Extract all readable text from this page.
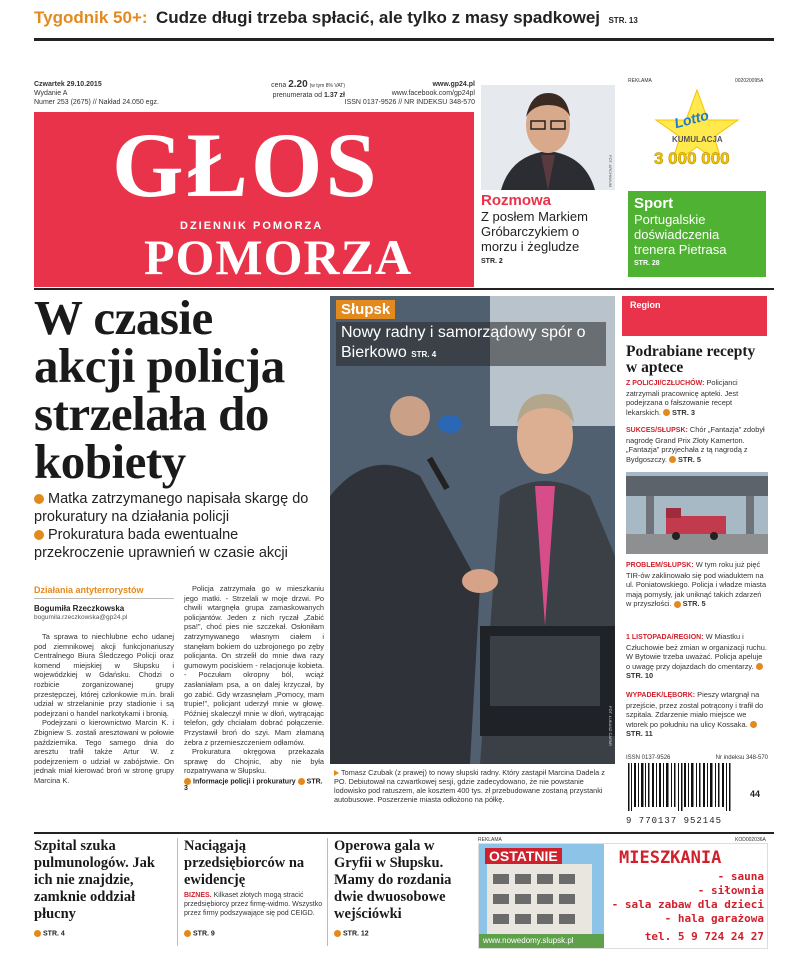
Tygodnik 50+: Cudze długi trzeba spłacić, ale tylko z masy spadkowej STR. 13
Czwartek 29.10.2015
Wydanie A
Numer 253 (2675) // Nakład 24.050 egz.
cena 2.20 (w tym 8% VAT)
prenumerata od 1.37 zł
www.gp24.pl
www.facebook.com/gp24pl
ISSN 0137-9526 // NR INDEKSU 348-570
GŁOS
DZIENNIK POMORZA
POMORZA
FOT. ARCHIWUM
Rozmowa
Z posłem Markiem Gróbarczykiem o morzu i żegludze
STR. 2
REKLAMA	002020095A
Lotto
KUMULACJA
3 000 000
Sport
Portugalskie doświadczenia trenera Pietrasa
STR. 28
W czasie akcji policja strzelała do kobiety
Matka zatrzymanego napisała skargę do prokuratury na działania policji
Prokuratura bada ewentualne przekroczenie uprawnień w czasie akcji
Działania antyterrorystów
Bogumiła Rzeczkowska
bogumila.rzeczkowska@gp24.pl

Ta sprawa to niechlubne echo udanej pod ziemnikowej akcji funkcjonariuszy Centralnego Biura Śledczego Policji oraz komend miejskiej w Słupsku i wojewódzkiej w Gdańsku. Chodzi o rozbicie zorganizowanej grupy przestępczej, której członkowie m.in. brali udział w strzelaninie przy stadionie i są podejrzani o handel narkotykami i bronią.

Podejrzani o kierownictwo Marcin K. i Zbigniew S. zostali aresztowani w połowie października. Tego samego dnia do aresztu trafił także Artur W. z podejrzeniem o udział w zabójstwie. On jednak miał kierować broń w stronę grupy Marcina K.

Policja zatrzymała go w mieszkaniu jego matki. - Strzelali w moje drzwi. Po chwili wtargnęła grupa zamaskowanych policjantów. Jeden z nich ryczał „Zabić psa!”, choć pies nie szczekał. Osłoniłam zatrzymywanego własnym ciałem i stanęłam bokiem do uzbrojonego po zęby policjanta. On strzelił do mnie dwa razy gumowym pociskiem - relacjonuje kobieta. - Poczułam okropny ból, wciąż zasłaniałam psa, a on dalej krzyczał, by go zabić. Gdy wrzasnęłam „Pomocy, mam trupie!”, policjant uderzył mnie w głowę. Później skaleczył mnie w dłoń, wytrącając telefon, gdy chciałam dobrać połączenie. Przystawił broń do szyi. Mam złamaną żebra z przemieszczeniem odłamów.

Prokuratura okręgowa przekazała sprawę do Chojnic, aby nie była rozpatrywana w Słupsku.

Informacje policji i prokuratury STR. 3
Słupsk
Nowy radny i samorządowy spór o Bierkowo STR. 4
FOT. ŁUKASZ CAPAR
Tomasz Czubak (z prawej) to nowy słupski radny. Który zastąpił Marcina Dadela z PO. Debiutował na czwartkowej sesji, gdzie zadecydowano, że nie powstanie lodowisko pod ratuszem, ale kosztem 400 tys. zł przebudowane zostaną przystanki autobusowe. Poszerzenie miasta odłożono na półkę.
Region
Podrabiane recepty w aptece

Z POLICJI/CZŁUCHÓW: Policjanci zatrzymali pracownicę apteki. Jest podejrzana o fałszowanie recept lekarskich. STR. 3

SUKCES/SŁUPSK: Chór „Fantazja” zdobył nagrodę Grand Prix Złoty Kamerton. „Fantazja” przyjechała z tą nagrodą z Bydgoszczy. STR. 5

PROBLEM/SŁUPSK: W tym roku już pięć TIR-ów zaklinowało się pod wiaduktem na ul. Poniatowskiego. Policja i władze miasta mają pomysły, jak uniknąć takich zdarzeń w przyszłości. STR. 5

1 LISTOPADA/REGION: W Miastku i Człuchowie beż zmian w organizacji ruchu. W Bytowie trzeba uważać. Policja apeluje o uwagę przy dojazdach do cmentarzy. STR. 10

WYPADEK/LĘBORK: Pieszy wtargnął na przejście, przez zostal potrącony i trafił do szpitala. Zdarzenie miało miejsce we wtorek po południu na ulicy Kossaka. STR. 11

ISSN 0137-9526	Nr indeksu 348-570
44
9 770137 952145
Szpital szuka pulmunologów. Jak ich nie znajdzie, zamknie oddział płucny
STR. 4
Naciągają przedsiębiorców na ewidencję
BIZNES. Kilkaset złotych mogą stracić przedsiębiorcy przez firmę-widmo. Wszystko przez firmy podszywające się pod CEIGD.
STR. 9
Operowa gala w Gryfii w Słupsku. Mamy do rozdania dwie dwuosobowe wejściówki
STR. 12
REKLAMA	KOD002036A
OSTATNIE	MIESZKANIA
- sauna
- siłownia
- sala zabaw dla dzieci
- hala garażowa
tel. 5 9 724 24 27
www.nowedomy.slupsk.pl
